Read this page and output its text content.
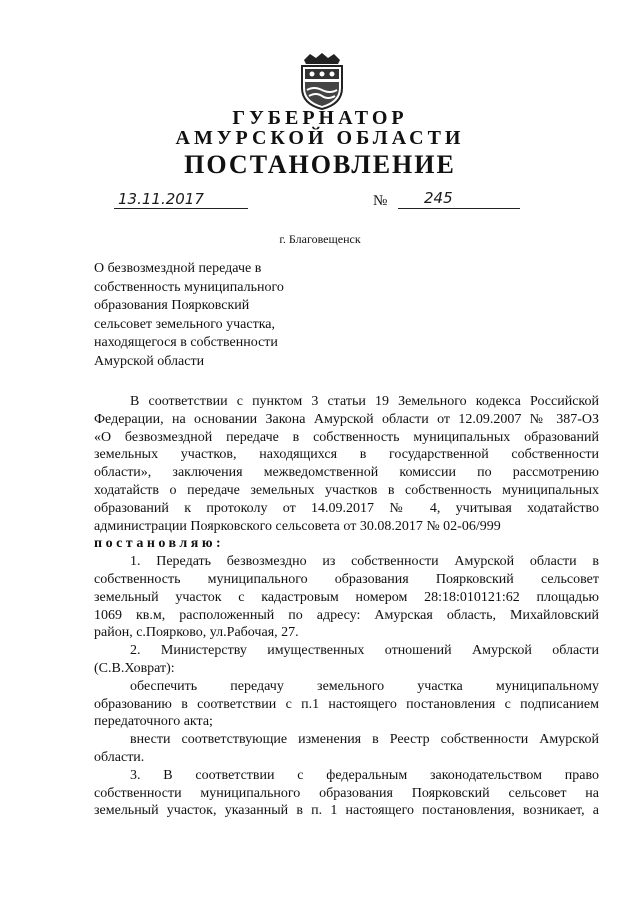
ГУБЕРНАТОР
АМУРСКОЙ ОБЛАСТИ
ПОСТАНОВЛЕНИЕ
13.11.2017	№ 245
г. Благовещенск
О безвозмездной передаче в
собственность муниципального
образования Поярковский
сельсовет земельного участка,
находящегося в собственности
Амурской области
В соответствии с пунктом 3 статьи 19 Земельного кодекса Российской
Федерации, на основании Закона Амурской области от 12.09.2007 № 387-ОЗ
«О безвозмездной передаче в собственность муниципальных образований
земельных участков, находящихся в государственной собственности
области», заключения межведомственной комиссии по рассмотрению
ходатайств о передаче земельных участков в собственность муниципальных
образований к протоколу от 14.09.2017 № 4, учитывая ходатайство
администрации Поярковского сельсовета от 30.08.2017 № 02-06/999
постановляю:
1. Передать безвозмездно из собственности Амурской области в
собственность муниципального образования Поярковский сельсовет
земельный участок с кадастровым номером 28:18:010121:62 площадью
1069 кв.м, расположенный по адресу: Амурская область, Михайловский
район, с.Поярково, ул.Рабочая, 27.
2. Министерству имущественных отношений Амурской области
(С.В.Ховрат):
обеспечить передачу земельного участка муниципальному
образованию в соответствии с п.1 настоящего постановления с подписанием
передаточного акта;
внести соответствующие изменения в Реестр собственности Амурской
области.
3. В соответствии с федеральным законодательством право
собственности муниципального образования Поярковский сельсовет на
земельный участок, указанный в п. 1 настоящего постановления, возникает, а
